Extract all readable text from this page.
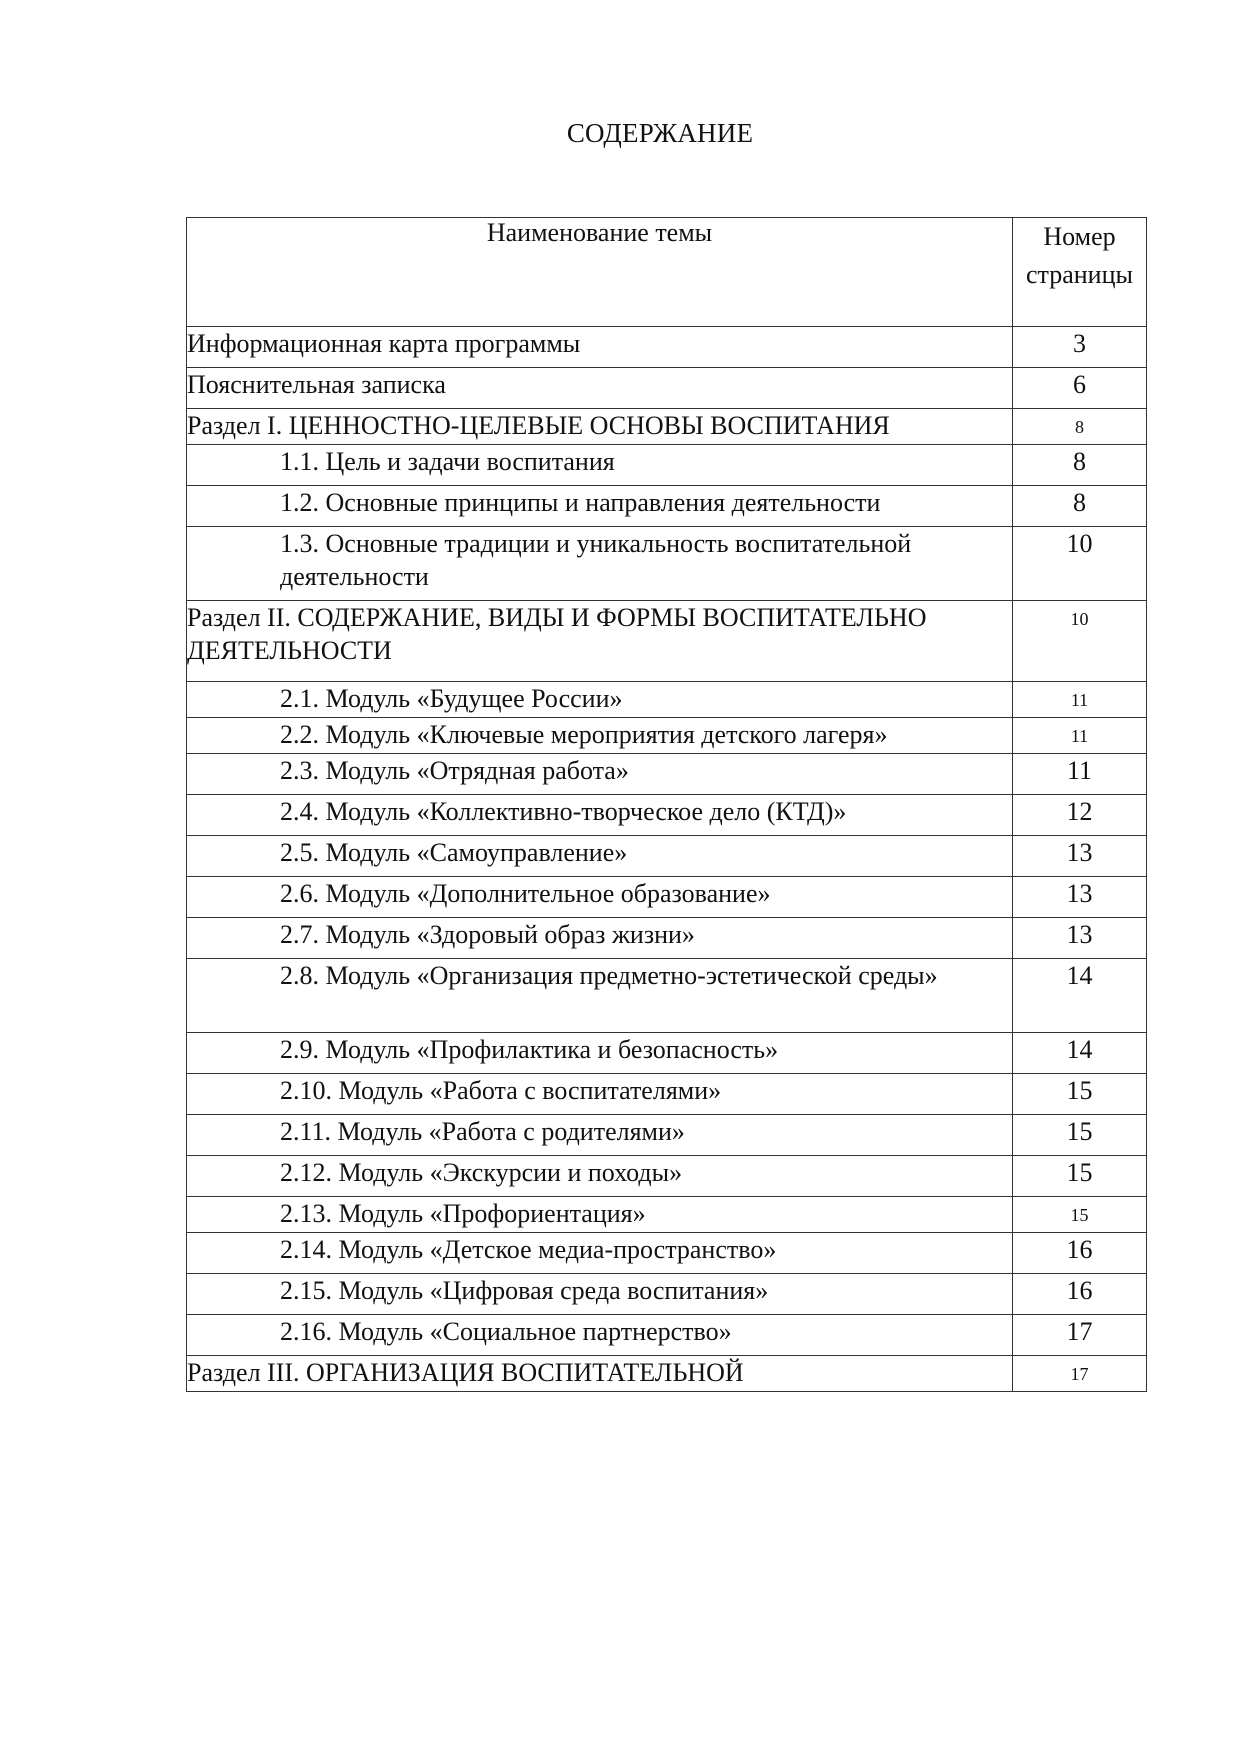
СОДЕРЖАНИЕ
Наименование темы	Номер
страницы
Информационная карта программы	3
Пояснительная записка	6
Раздел I. ЦЕННОСТНО-ЦЕЛЕВЫЕ ОСНОВЫ ВОСПИТАНИЯ	8
1.1. Цель и задачи воспитания	8
1.2. Основные принципы и направления деятельности	8
1.3. Основные традиции и уникальность воспитательной деятельности	10
Раздел II. СОДЕРЖАНИЕ, ВИДЫ И ФОРМЫ ВОСПИТАТЕЛЬНО ДЕЯТЕЛЬНОСТИ	10
2.1. Модуль «Будущее России»	11
2.2. Модуль «Ключевые мероприятия детского лагеря»	11
2.3. Модуль «Отрядная работа»	11
2.4. Модуль «Коллективно-творческое дело (КТД)»	12
2.5. Модуль «Самоуправление»	13
2.6. Модуль «Дополнительное образование»	13
2.7. Модуль «Здоровый образ жизни»	13
2.8. Модуль «Организация предметно-эстетической среды»	14
2.9. Модуль «Профилактика и безопасность»	14
2.10. Модуль «Работа с воспитателями»	15
2.11. Модуль «Работа с родителями»	15
2.12. Модуль «Экскурсии и походы»	15
2.13. Модуль «Профориентация»	15
2.14. Модуль «Детское медиа-пространство»	16
2.15. Модуль «Цифровая среда воспитания»	16
2.16. Модуль «Социальное партнерство»	17
Раздел III. ОРГАНИЗАЦИЯ ВОСПИТАТЕЛЬНОЙ	17
